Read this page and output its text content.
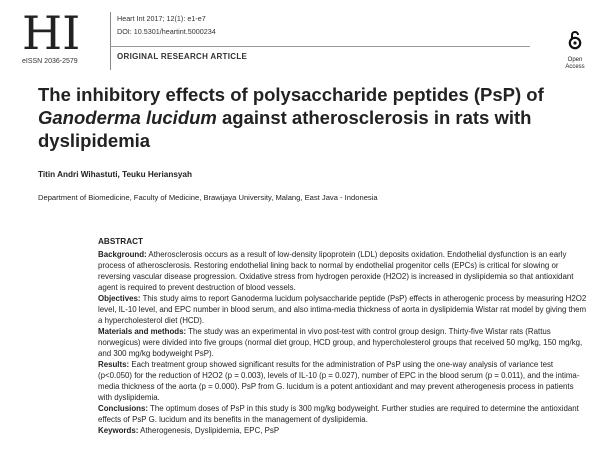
HI
eISSN 2036-2579
Heart Int 2017; 12(1): e1-e7
DOI: 10.5301/heartint.5000234
ORIGINAL RESEARCH ARTICLE	Open
Access
The inhibitory effects of polysaccharide peptides (PsP) of Ganoderma lucidum against atherosclerosis in rats with dyslipidemia
Titin Andri Wihastuti, Teuku Heriansyah
Department of Biomedicine, Faculty of Medicine, Brawijaya University, Malang, East Java - Indonesia
ABSTRACT

Background: Atherosclerosis occurs as a result of low-density lipoprotein (LDL) deposits oxidation. Endothelial dysfunction is an early process of atherosclerosis. Restoring endothelial lining back to normal by endothelial progenitor cells (EPCs) is critical for slowing or reversing vascular disease progression. Oxidative stress from hydrogen peroxide (H2O2) is increased in dyslipidemia so that antioxidant agent is required to prevent destruction of blood vessels.

Objectives: This study aims to report Ganoderma lucidum polysaccharide peptide (PsP) effects in atherogenic process by measuring H2O2 level, IL-10 level, and EPC number in blood serum, and also intima-media thickness of aorta in dyslipidemia Wistar rat model by giving them a hypercholesterol diet (HCD).

Materials and methods: The study was an experimental in vivo post-test with control group design. Thirty-five Wistar rats (Rattus norwegicus) were divided into five groups (normal diet group, HCD group, and hypercholesterol groups that received 50 mg/kg, 150 mg/kg, and 300 mg/kg bodyweight PsP).

Results: Each treatment group showed significant results for the administration of PsP using the one-way analysis of variance test (p<0.050) for the reduction of H2O2 (p = 0.003), levels of IL-10 (p = 0.027), number of EPC in the blood serum (p = 0.011), and the intima-media thickness of the aorta (p = 0.000). PsP from G. lucidum is a potent antioxidant and may prevent atherogenesis process in patients with dyslipidemia.

Conclusions: The optimum doses of PsP in this study is 300 mg/kg bodyweight. Further studies are required to determine the antioxidant effects of PsP G. lucidum and its benefits in the management of dyslipidemia.

Keywords: Atherogenesis, Dyslipidemia, EPC, PsP
